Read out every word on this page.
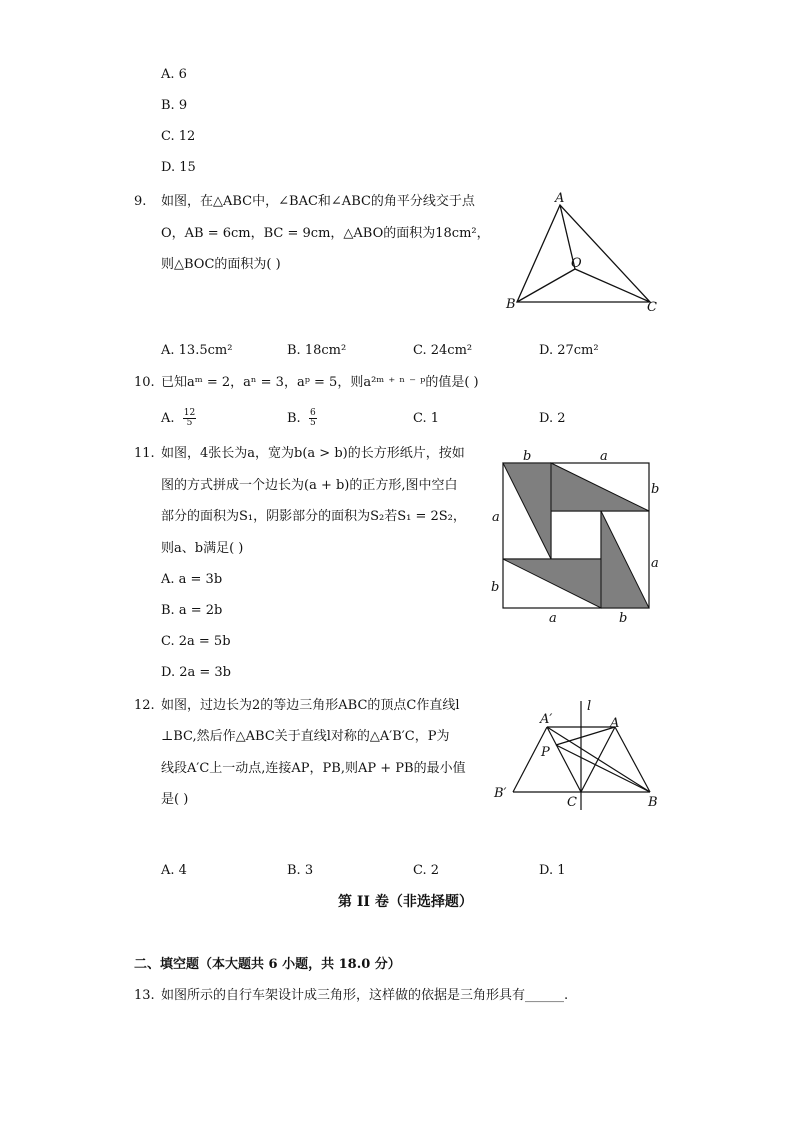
A. 6
B. 9
C. 12
D. 15
9. 如图，在△ABC中，∠BAC和∠ABC的角平分线交于点
O，AB = 6cm，BC = 9cm，△ABO的面积为18cm²，
则△BOC的面积为( )
A
O
B	C
A. 13.5cm²	B. 18cm²	C. 24cm²	D. 27cm²
10. 已知aᵐ = 2，aⁿ = 3，aᵖ = 5，则a²ᵐ ⁺ ⁿ ⁻ ᵖ的值是( )
A. $\frac{12}{5}$	B. $\frac{6}{5}$	C. 1	D. 2
11. 如图，4张长为a，宽为b(a > b)的长方形纸片，按如
图的方式拼成一个边长为(a + b)的正方形,图中空白
部分的面积为S₁，阴影部分的面积为S₂若S₁ = 2S₂，
则a、b满足( )
A. a = 3b
B. a = 2b
C. 2a = 5b
D. 2a = 3b
b	a
b
a
a
b
a	b
12. 如图，过边长为2的等边三角形ABC的顶点C作直线l
⊥BC,然后作△ABC关于直线l对称的△A′B′C，P为
线段A′C上一动点,连接AP，PB,则AP + PB的最小值
是( )
A′
l
A
P
B′
C	B
A. 4	B. 3	C. 2	D. 1
第 II 卷（非选择题）
二、填空题（本大题共 6 小题，共 18.0 分）
13. 如图所示的自行车架设计成三角形，这样做的依据是三角形具有______.
